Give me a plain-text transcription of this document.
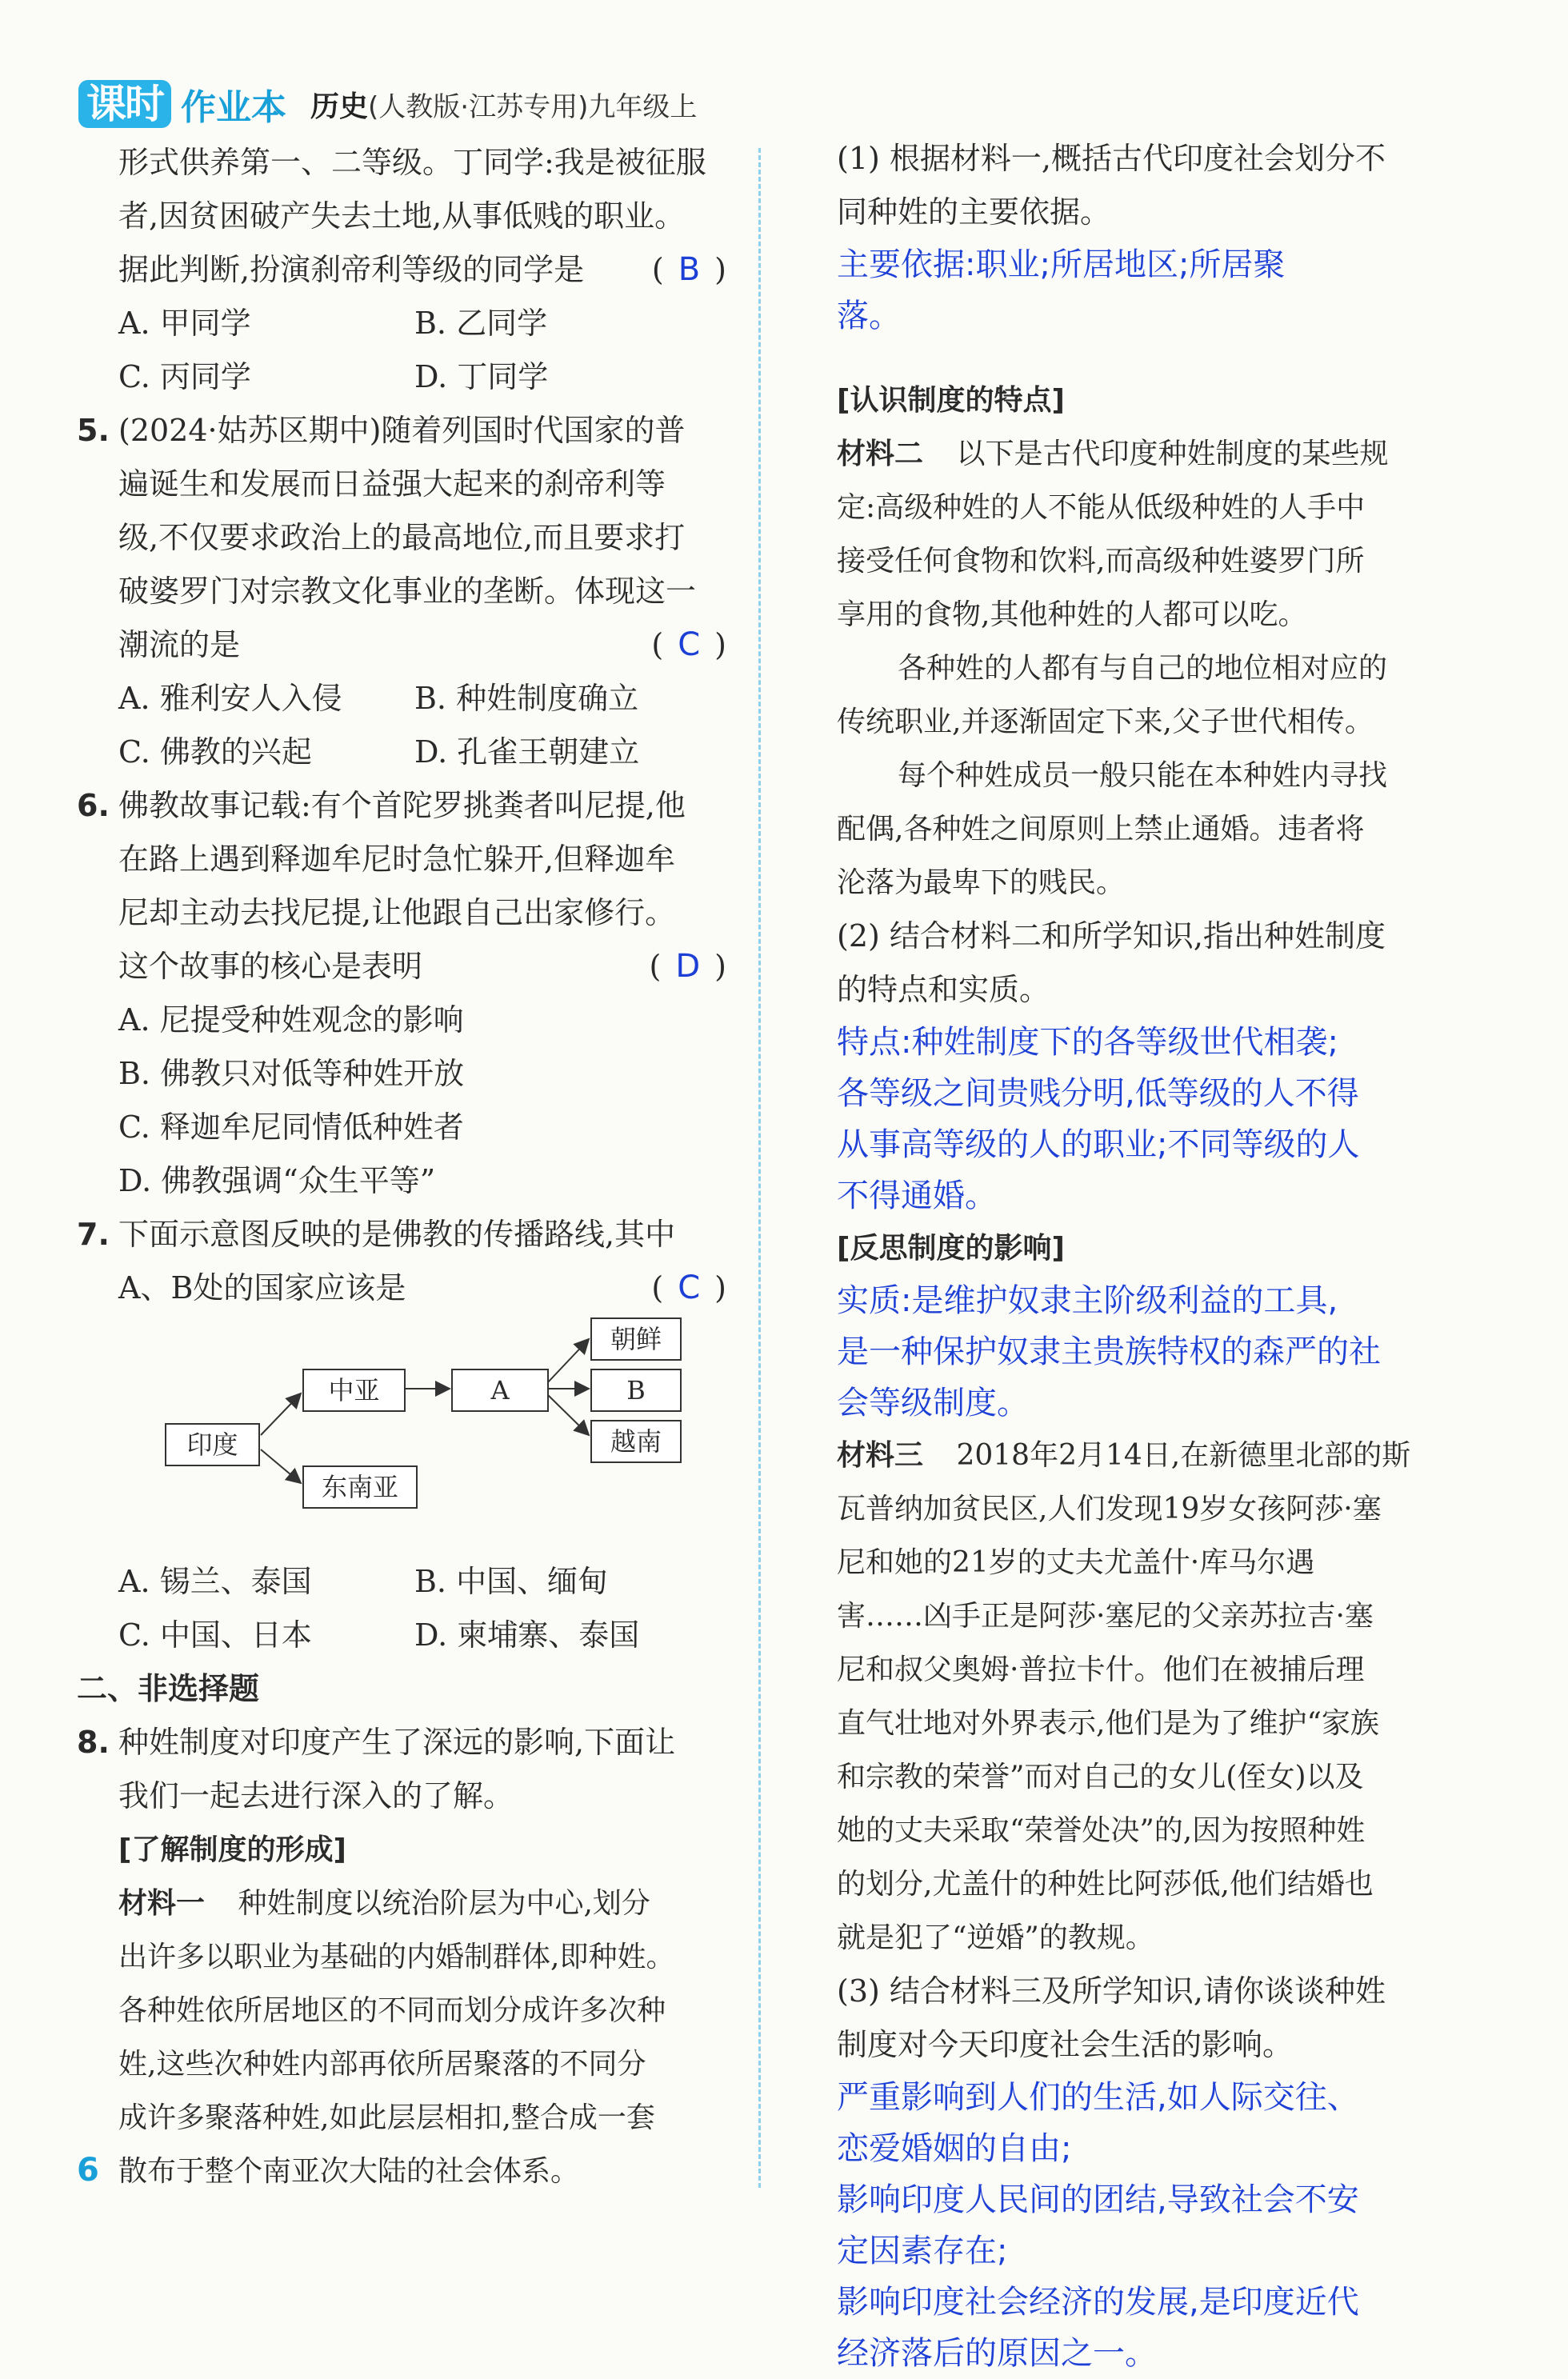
课时 作业本 历史 (人教版·江苏专用)九年级上
形式供养第一、二等级。丁同学:我是被征服
者,因贫困破产失去土地,从事低贱的职业。
据此判断,扮演刹帝利等级的同学是 ( B )
A. 甲同学	B. 乙同学
C. 丙同学	D. 丁同学
5. (2024·姑苏区期中)随着列国时代国家的普
遍诞生和发展而日益强大起来的刹帝利等
级,不仅要求政治上的最高地位,而且要求打
破婆罗门对宗教文化事业的垄断。体现这一
潮流的是	( C )
A. 雅利安人入侵	B. 种姓制度确立
C. 佛教的兴起	D. 孔雀王朝建立
6. 佛教故事记载:有个首陀罗挑粪者叫尼提,他
在路上遇到释迦牟尼时急忙躲开,但释迦牟
尼却主动去找尼提,让他跟自己出家修行。
这个故事的核心是表明	( D )
A. 尼提受种姓观念的影响
B. 佛教只对低等种姓开放
C. 释迦牟尼同情低种姓者
D. 佛教强调“众生平等”
7. 下面示意图反映的是佛教的传播路线,其中
A、B处的国家应该是	( C )
印度
中亚
东南亚
A
朝鲜
B
越南
A. 锡兰、泰国	B. 中国、缅甸
C. 中国、日本	D. 柬埔寨、泰国
二、非选择题
8. 种姓制度对印度产生了深远的影响,下面让
我们一起去进行深入的了解。
[了解制度的形成]
材料一 种姓制度以统治阶层为中心,划分
出许多以职业为基础的内婚制群体,即种姓。
各种姓依所居地区的不同而划分成许多次种
姓,这些次种姓内部再依所居聚落的不同分
成许多聚落种姓,如此层层相扣,整合成一套
散布于整个南亚次大陆的社会体系。
(1) 根据材料一,概括古代印度社会划分不
同种姓的主要依据。
主要依据:职业;所居地区;所居聚
落。
[认识制度的特点]
材料二 以下是古代印度种姓制度的某些规
定:高级种姓的人不能从低级种姓的人手中
接受任何食物和饮料,而高级种姓婆罗门所
享用的食物,其他种姓的人都可以吃。
各种姓的人都有与自己的地位相对应的
传统职业,并逐渐固定下来,父子世代相传。
每个种姓成员一般只能在本种姓内寻找
配偶,各种姓之间原则上禁止通婚。违者将
沦落为最卑下的贱民。
(2) 结合材料二和所学知识,指出种姓制度
的特点和实质。
特点:种姓制度下的各等级世代相袭;
各等级之间贵贱分明,低等级的人不得
从事高等级的人的职业;不同等级的人
不得通婚。
[反思制度的影响]
实质:是维护奴隶主阶级利益的工具,
是一种保护奴隶主贵族特权的森严的社
会等级制度。
材料三 2018年2月14日,在新德里北部的斯
瓦普纳加贫民区,人们发现19岁女孩阿莎·塞
尼和她的21岁的丈夫尤盖什·库马尔遇
害……凶手正是阿莎·塞尼的父亲苏拉吉·塞
尼和叔父奥姆·普拉卡什。他们在被捕后理
直气壮地对外界表示,他们是为了维护“家族
和宗教的荣誉”而对自己的女儿(侄女)以及
她的丈夫采取“荣誉处决”的,因为按照种姓
的划分,尤盖什的种姓比阿莎低,他们结婚也
就是犯了“逆婚”的教规。
(3) 结合材料三及所学知识,请你谈谈种姓
制度对今天印度社会生活的影响。
严重影响到人们的生活,如人际交往、
恋爱婚姻的自由;
影响印度人民间的团结,导致社会不安
定因素存在;
影响印度社会经济的发展,是印度近代
经济落后的原因之一。
6
